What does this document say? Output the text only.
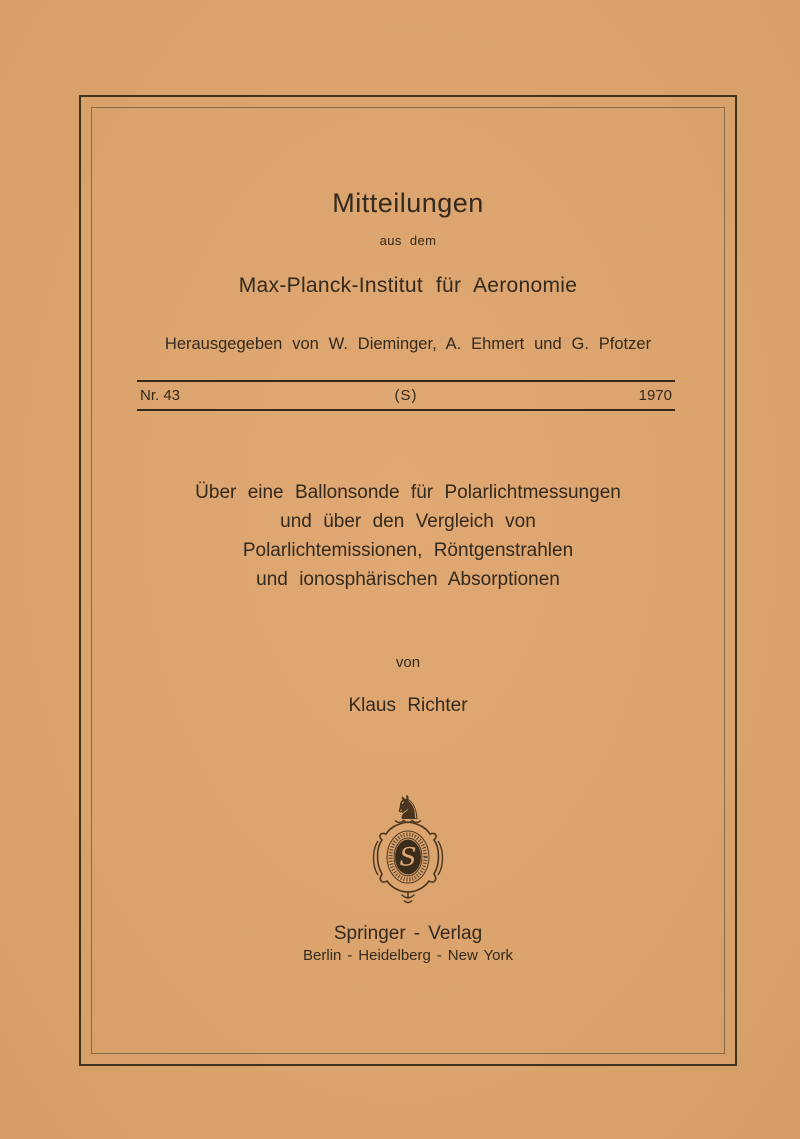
Mitteilungen
aus dem
Max-Planck-Institut für Aeronomie
Herausgegeben von W. Dieminger, A. Ehmert und G. Pfotzer
Nr. 43	(S)	1970
Über eine Ballonsonde für Polarlichtmessungen
und über den Vergleich von
Polarlichtemissionen, Röntgenstrahlen
und ionosphärischen Absorptionen
von
Klaus Richter
♞
S
Springer - Verlag
Berlin - Heidelberg - New York
